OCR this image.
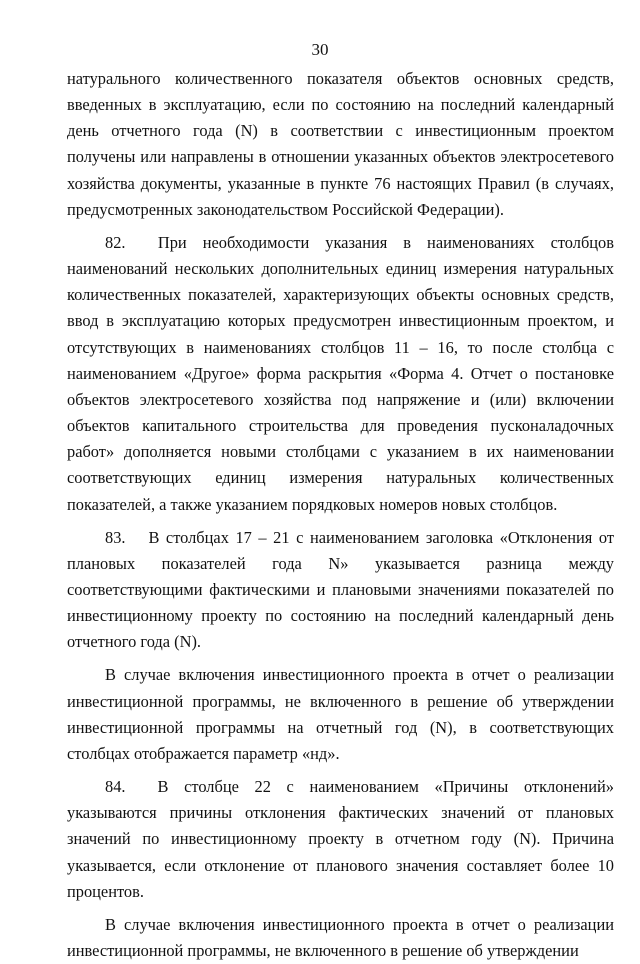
30

натурального количественного показателя объектов основных средств, введенных в эксплуатацию, если по состоянию на последний календарный день отчетного года (N) в соответствии с инвестиционным проектом получены или направлены в отношении указанных объектов электросетевого хозяйства документы, указанные в пункте 76 настоящих Правил (в случаях, предусмотренных законодательством Российской Федерации).

82.  При необходимости указания в наименованиях столбцов наименований нескольких дополнительных единиц измерения натуральных количественных показателей, характеризующих объекты основных средств, ввод в эксплуатацию которых предусмотрен инвестиционным проектом, и отсутствующих в наименованиях столбцов 11 – 16, то после столбца с наименованием «Другое» форма раскрытия «Форма 4. Отчет о постановке объектов электросетевого хозяйства под напряжение и (или) включении объектов капитального строительства для проведения пусконаладочных работ» дополняется новыми столбцами с указанием в их наименовании соответствующих единиц измерения натуральных количественных показателей, а также указанием порядковых номеров новых столбцов.

83.  В столбцах 17 – 21 с наименованием заголовка «Отклонения от плановых показателей года N» указывается разница между соответствующими фактическими и плановыми значениями показателей по инвестиционному проекту по состоянию на последний календарный день отчетного года (N).

В случае включения инвестиционного проекта в отчет о реализации инвестиционной программы, не включенного в решение об утверждении инвестиционной программы на отчетный год (N), в соответствующих столбцах отображается параметр «нд».

84.  В столбце 22 с наименованием «Причины отклонений» указываются причины отклонения фактических значений от плановых значений по инвестиционному проекту в отчетном году (N). Причина указывается, если отклонение от планового значения составляет более 10 процентов.

В случае включения инвестиционного проекта в отчет о реализации инвестиционной программы, не включенного в решение об утверждении
